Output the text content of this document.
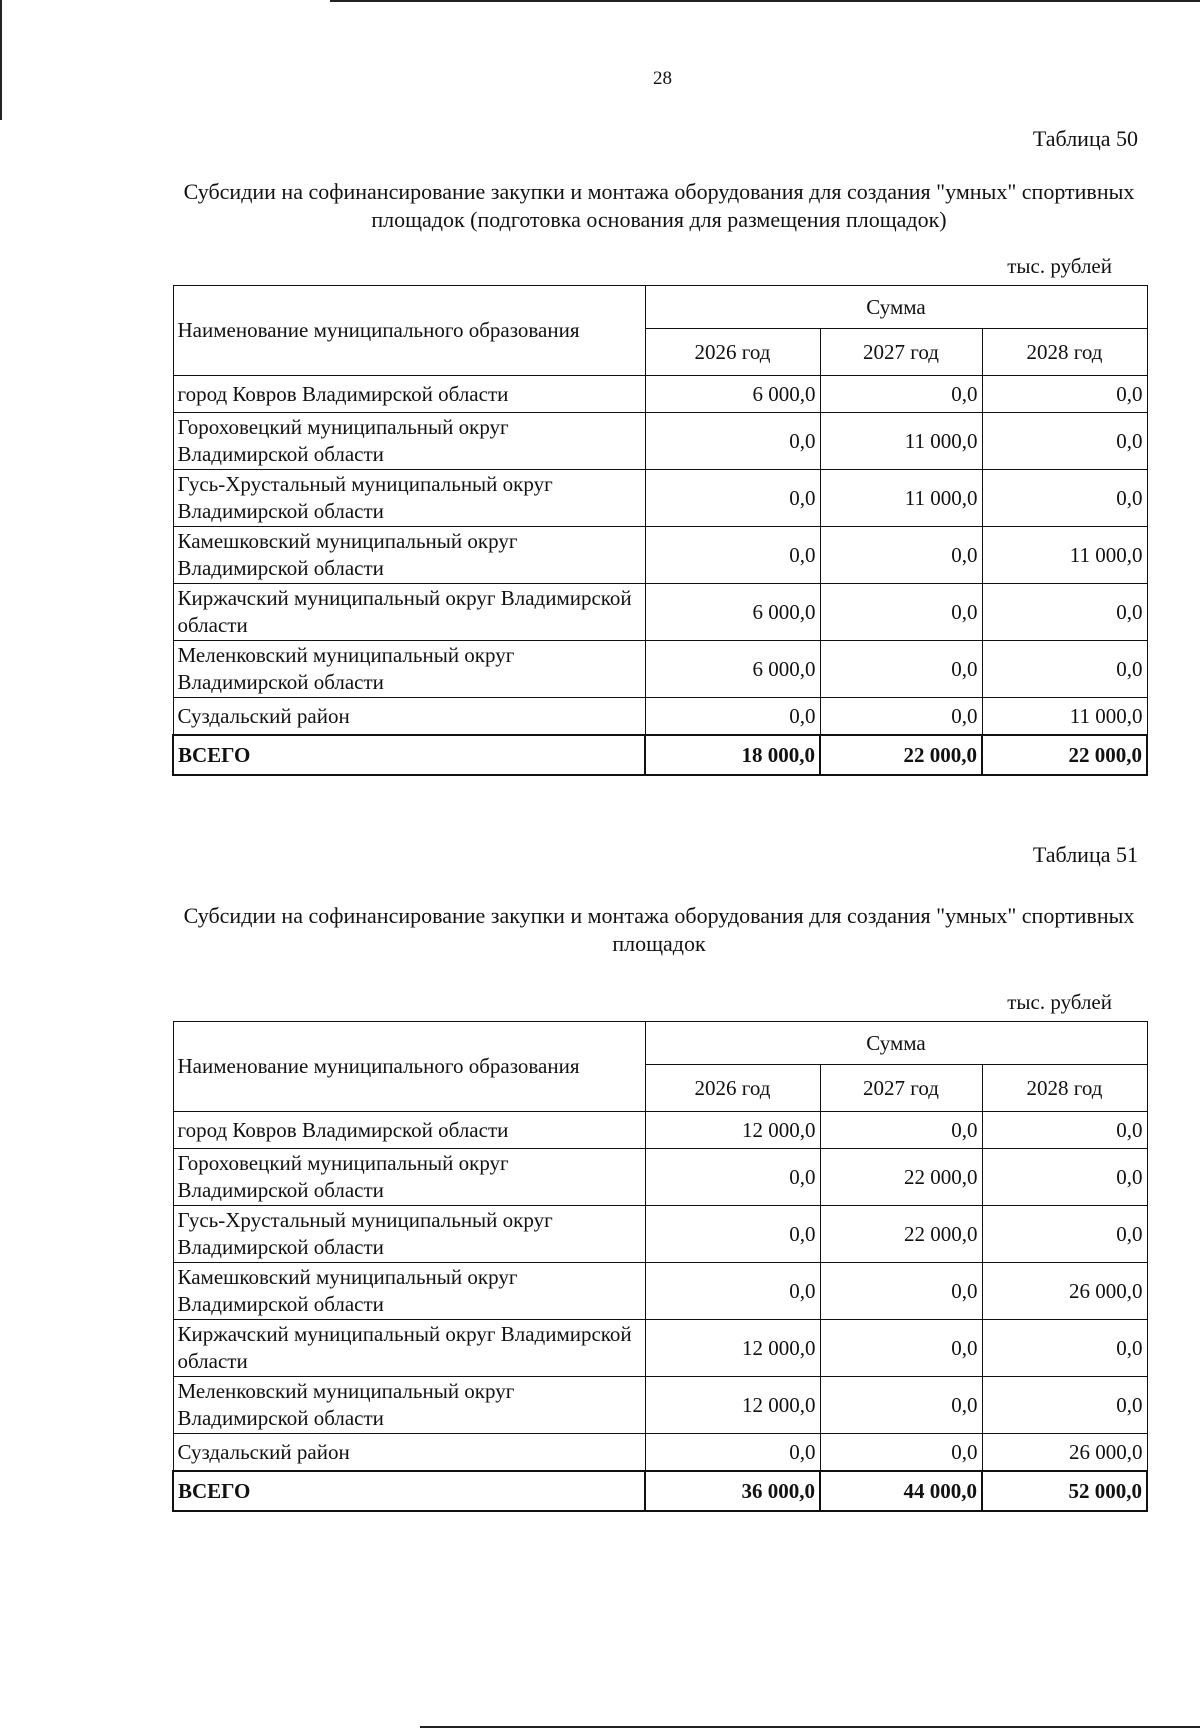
28
Таблица 50
Субсидии на софинансирование закупки и монтажа оборудования для создания "умных" спортивных площадок (подготовка основания для размещения площадок)
тыс. рублей
Наименование муниципального образования	Сумма		
	2026 год	2027 год	2028 год
город Ковров Владимирской области	6 000,0	0,0	0,0
Гороховецкий муниципальный округ Владимирской области	0,0	11 000,0	0,0
Гусь-Хрустальный муниципальный округ Владимирской области	0,0	11 000,0	0,0
Камешковский муниципальный округ Владимирской области	0,0	0,0	11 000,0
Киржачский муниципальный округ Владимирской области	6 000,0	0,0	0,0
Меленковский муниципальный округ Владимирской области	6 000,0	0,0	0,0
Суздальский район	0,0	0,0	11 000,0
ВСЕГО	18 000,0	22 000,0	22 000,0
Таблица 51
Субсидии на софинансирование закупки и монтажа оборудования для создания "умных" спортивных площадок
тыс. рублей
Наименование муниципального образования	Сумма		
	2026 год	2027 год	2028 год
город Ковров Владимирской области	12 000,0	0,0	0,0
Гороховецкий муниципальный округ Владимирской области	0,0	22 000,0	0,0
Гусь-Хрустальный муниципальный округ Владимирской области	0,0	22 000,0	0,0
Камешковский муниципальный округ Владимирской области	0,0	0,0	26 000,0
Киржачский муниципальный округ Владимирской области	12 000,0	0,0	0,0
Меленковский муниципальный округ Владимирской области	12 000,0	0,0	0,0
Суздальский район	0,0	0,0	26 000,0
ВСЕГО	36 000,0	44 000,0	52 000,0
